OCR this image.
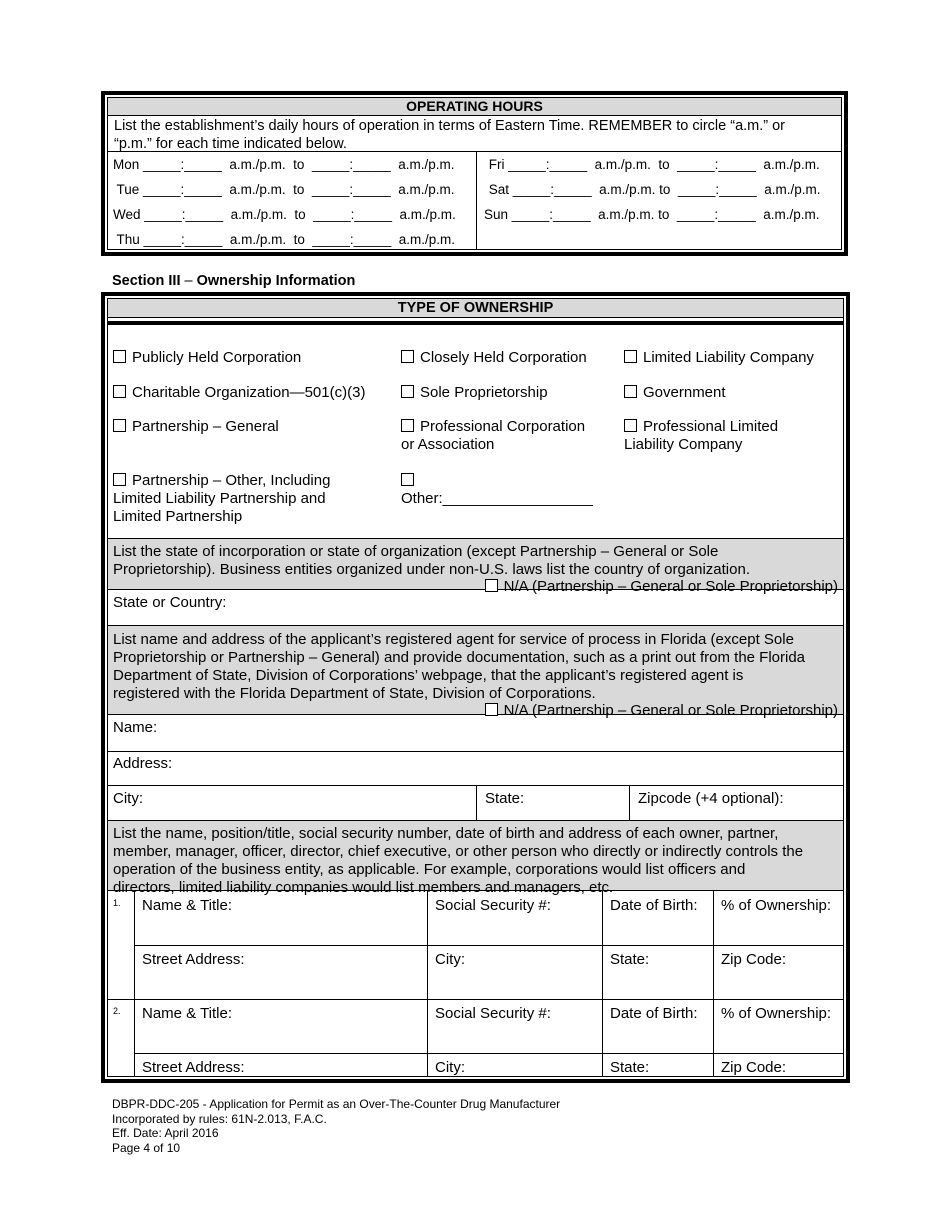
OPERATING HOURS
List the establishment’s daily hours of operation in terms of Eastern Time. REMEMBER to circle “a.m.” or
“p.m.” for each time indicated below.
Mon _____:_____  a.m./p.m.  to  _____:_____  a.m./p.m.
Tue _____:_____  a.m./p.m.  to  _____:_____  a.m./p.m.
Wed _____:_____  a.m./p.m.  to  _____:_____  a.m./p.m.
Thu _____:_____  a.m./p.m.  to  _____:_____  a.m./p.m.
Fri _____:_____  a.m./p.m.  to  _____:_____  a.m./p.m.
Sat _____:_____  a.m./p.m. to  _____:_____  a.m./p.m.
Sun _____:_____  a.m./p.m. to  _____:_____  a.m./p.m.
Section III – Ownership Information
TYPE OF OWNERSHIP
Publicly Held Corporation	Closely Held Corporation	Limited Liability Company
Charitable Organization—501(c)(3)	Sole Proprietorship	Government
Partnership – General	Professional Corporation
or Association
Professional Limited
Liability Company
Partnership – Other, Including
Limited Liability Partnership and
Limited Partnership
Other:__________________
List the state of incorporation or state of organization (except Partnership – General or Sole
Proprietorship). Business entities organized under non-U.S. laws list the country of organization.
N/A (Partnership – General or Sole Proprietorship)
State or Country:
List name and address of the applicant’s registered agent for service of process in Florida (except Sole
Proprietorship or Partnership – General) and provide documentation, such as a print out from the Florida
Department of State, Division of Corporations’ webpage, that the applicant’s registered agent is
registered with the Florida Department of State, Division of Corporations.
N/A (Partnership – General or Sole Proprietorship)
Name:
Address:
City:	State:	Zipcode (+4 optional):
List the name, position/title, social security number, date of birth and address of each owner, partner,
member, manager, officer, director, chief executive, or other person who directly or indirectly controls the
operation of the business entity, as applicable. For example, corporations would list officers and
directors, limited liability companies would list members and managers, etc.
1. Name & Title:	Social Security #:	Date of Birth: % of Ownership:
Street Address:	City:	State:	Zip Code:
2. Name & Title:	Social Security #:	Date of Birth: % of Ownership:
Street Address:	City:	State:	Zip Code:
DBPR-DDC-205 - Application for Permit as an Over-The-Counter Drug Manufacturer
Incorporated by rules: 61N-2.013, F.A.C.
Eff. Date: April 2016
Page 4 of 10
